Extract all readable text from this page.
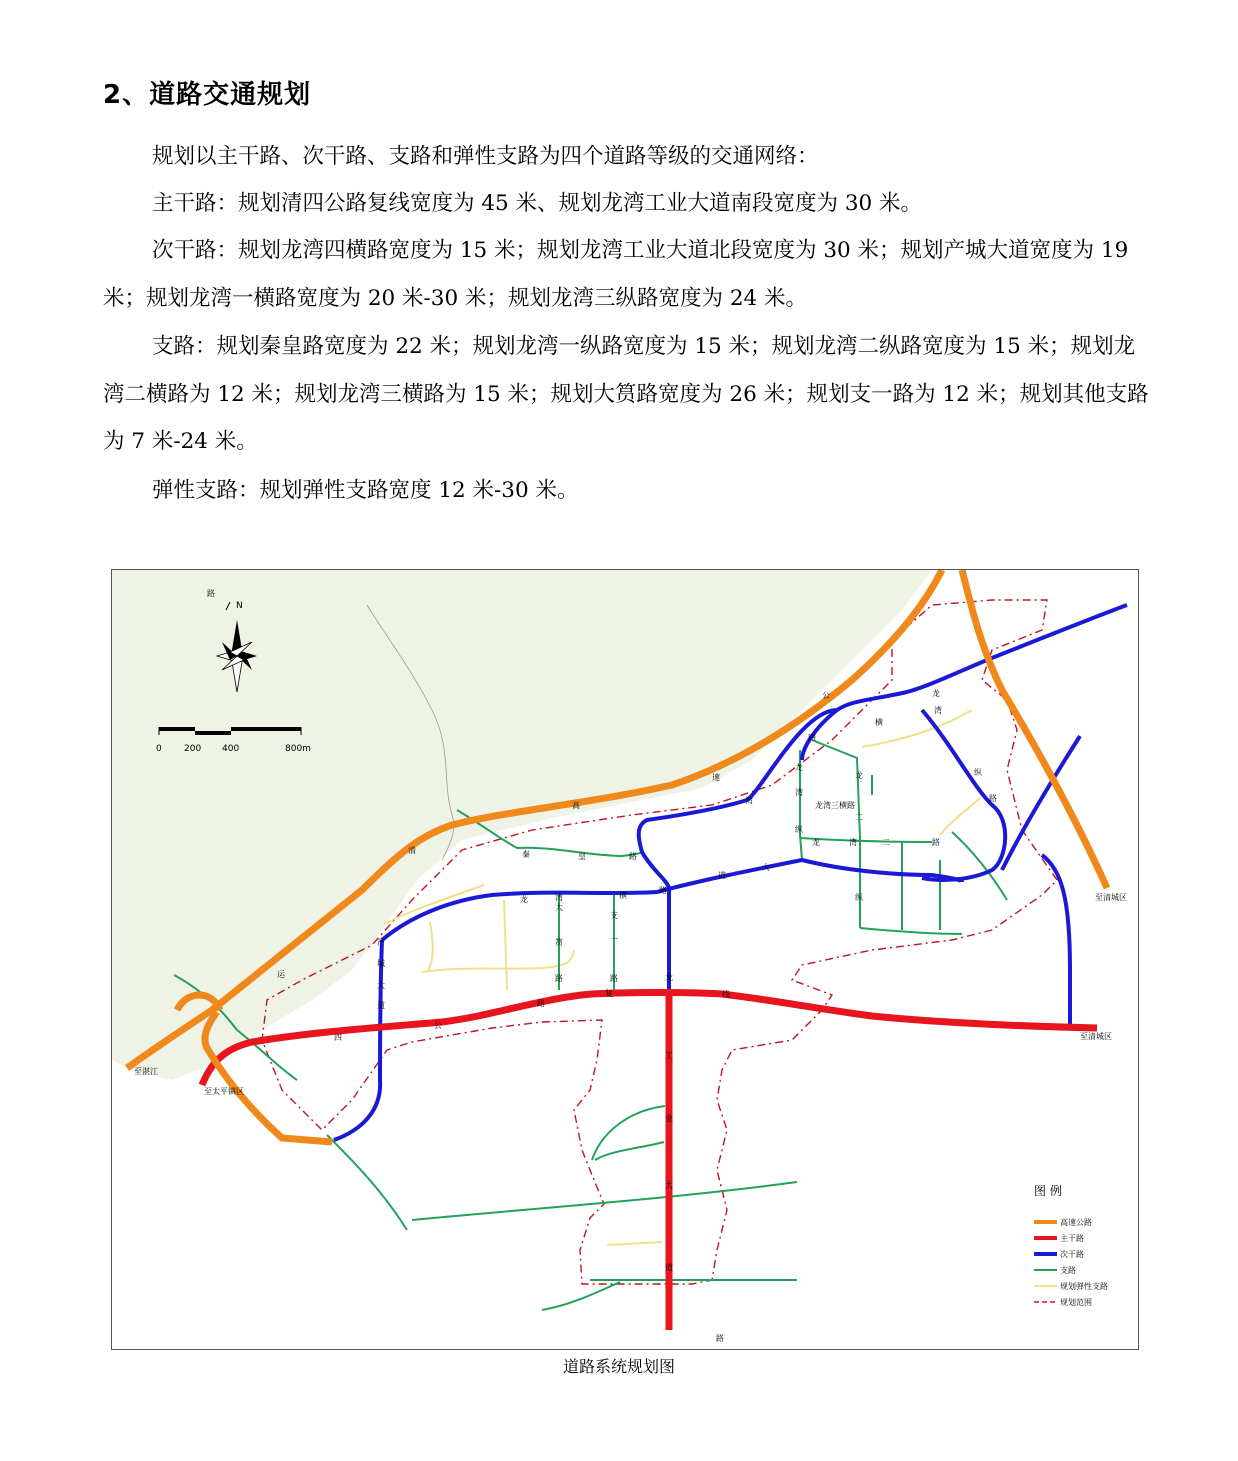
2、道路交通规划
规划以主干路、次干路、支路和弹性支路为四个道路等级的交通网络：
主干路：规划清四公路复线宽度为 45 米、规划龙湾工业大道南段宽度为 30 米。
次干路：规划龙湾四横路宽度为 15 米；规划龙湾工业大道北段宽度为 30 米；规划产城大道宽度为 19 米；规划龙湾一横路宽度为 20 米-30 米；规划龙湾三纵路宽度为 24 米。
支路：规划秦皇路宽度为 22 米；规划龙湾一纵路宽度为 15 米；规划龙湾二纵路宽度为 15 米；规划龙湾二横路为 12 米；规划龙湾三横路为 15 米；规划大筼路宽度为 26 米；规划支一路为 12 米；规划其他支路为 7 米-24 米。
弹性支路：规划弹性支路宽度 12 米-30 米。
N
0 200 400	800m
至湛江
至太平镇区
至清城区
至清城区
龙湾三横路
路
路
公
速
高
清
运
四
横
龙
湾
龙	湾	横
路
道
大
秦	皇	路
龙
湾
纵
龙
二
纵
龙	湾	二	路
湾
纵
路
四
公
路
复	线
龙
工
业
大
道
大
筼
路
支
一
路
产
城
大
道
图 例
高速公路
主干路
次干路
支路
规划弹性支路
规划范围
道路系统规划图
